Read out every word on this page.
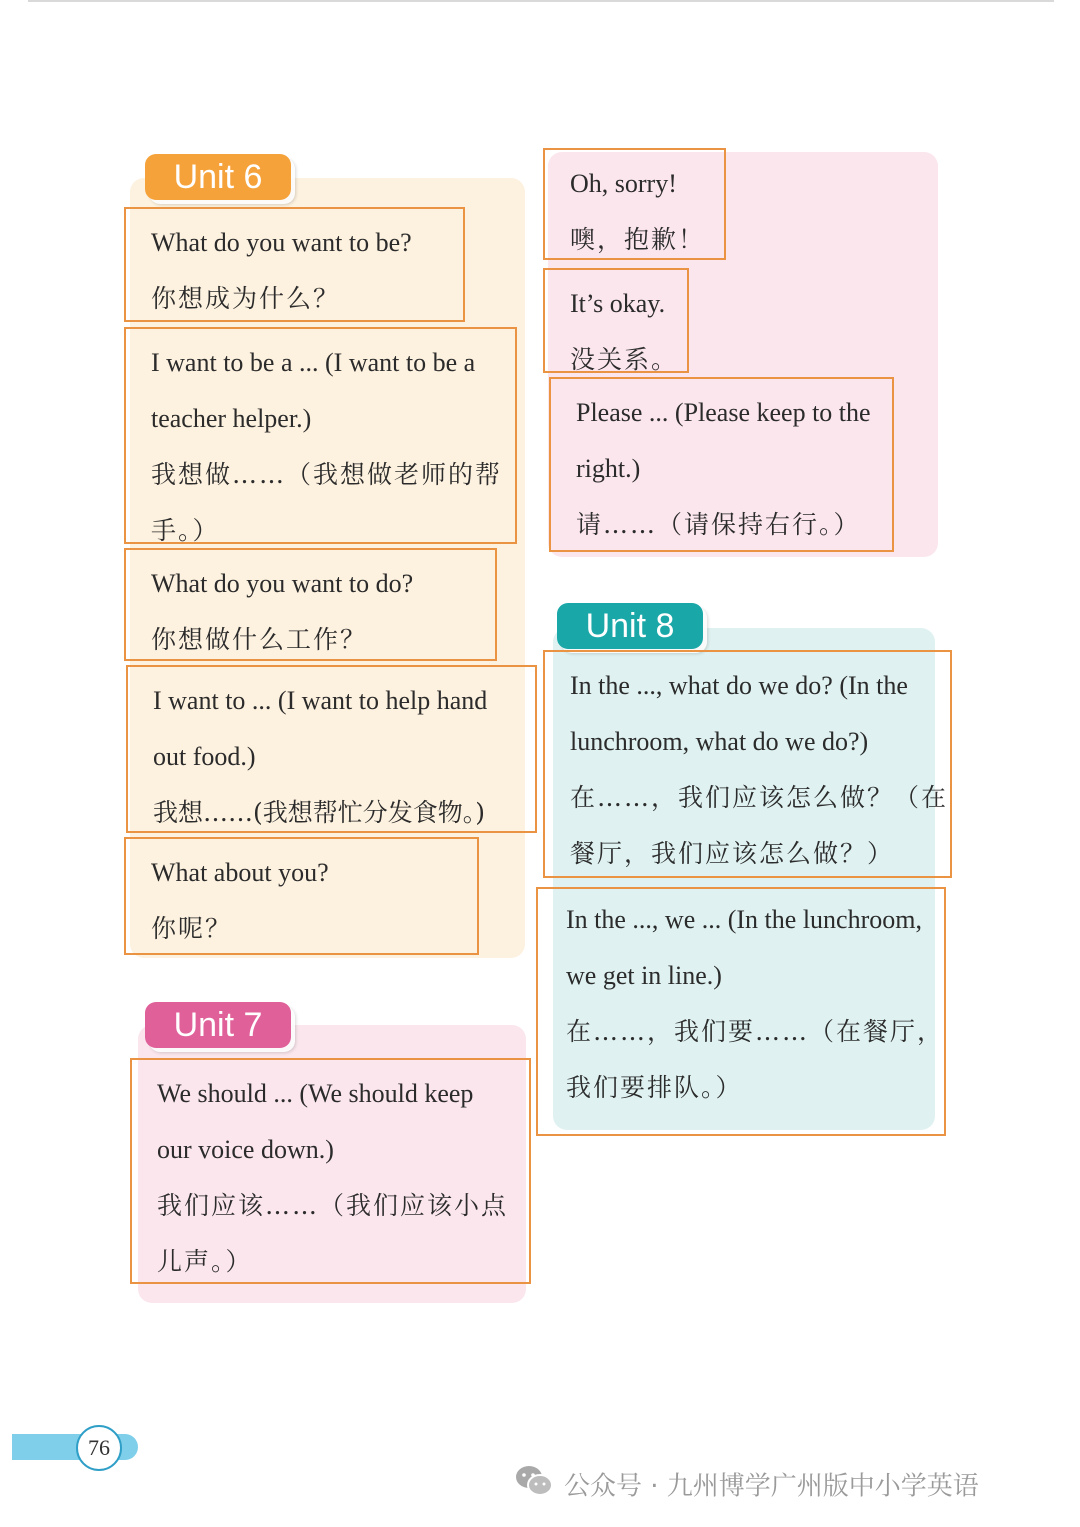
Unit 6
Unit 7
Unit 8
What do you want to be?
你想成为什么？
I want to be a ... (I want to be a
teacher helper.)
我想做……（我想做老师的帮
手。）
What do you want to do?
你想做什么工作？
I want to ... (I want to help hand
out food.)
我想……(我想帮忙分发食物。)
What about you?
你呢？
We should ... (We should keep
our voice down.)
我们应该……（我们应该小点
儿声。）
Oh, sorry!
噢，抱歉！
It’s okay.
没关系。
Please ... (Please keep to the
right.)
请……（请保持右行。）
In the ..., what do we do? (In the
lunchroom, what do we do?)
在……，我们应该怎么做？（在
餐厅，我们应该怎么做？）
In the ..., we ... (In the lunchroom,
we get in line.)
在……，我们要……（在餐厅，
我们要排队。）
76
公众号 · 九州博学广州版中小学英语
